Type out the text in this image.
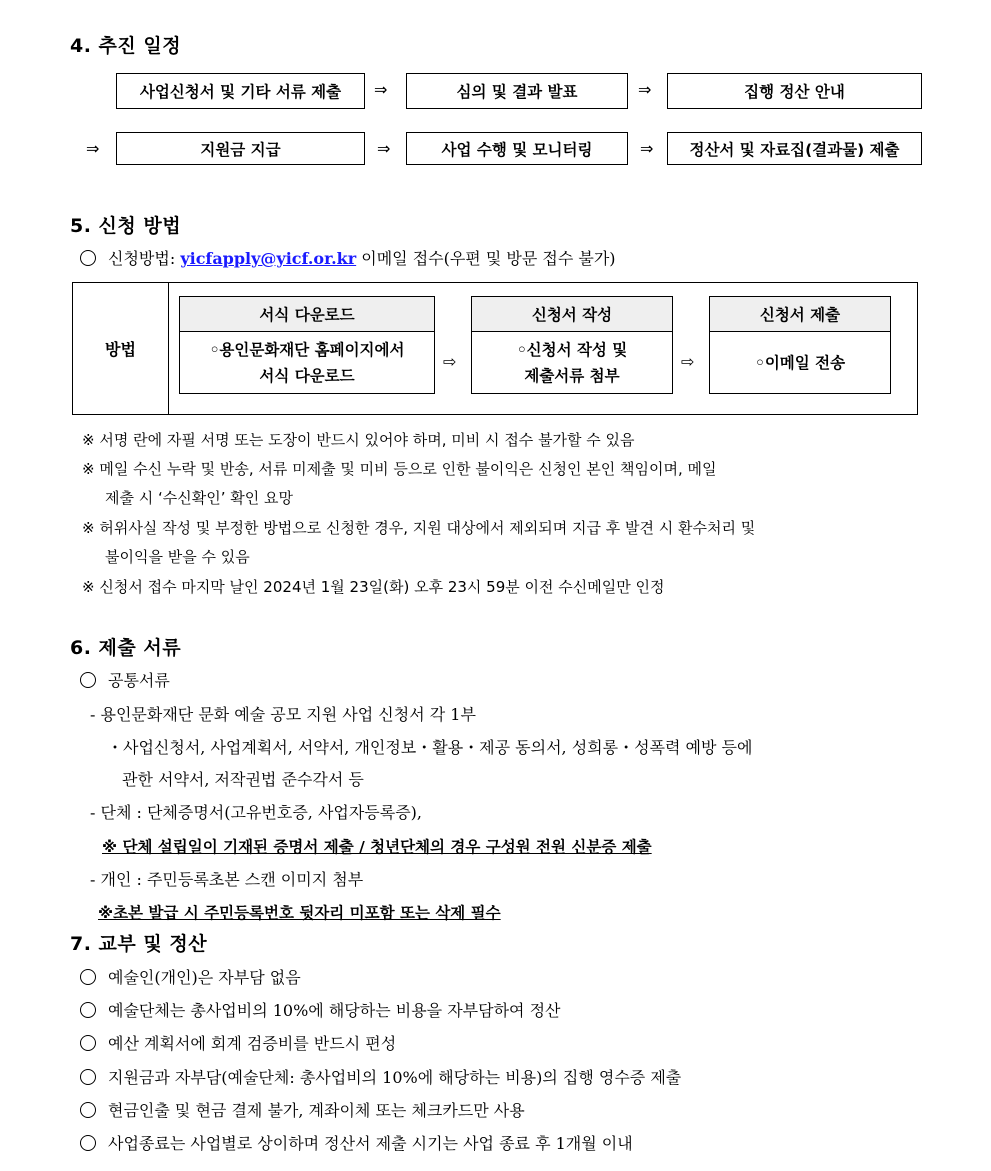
4. 추진 일정
사업신청서 및 기타 서류 제출	⇒	심의 및 결과 발표	⇒	집행 정산 안내
⇒	지원금 지급	⇒	사업 수행 및 모니터링	⇒	정산서 및 자료집(결과물) 제출
5. 신청 방법
신청방법: yicfapply@yicf.or.kr 이메일 접수(우편 및 방문 접수 불가)
방법
서식 다운로드
◦용인문화재단 홈페이지에서
서식 다운로드
⇨
신청서 작성
◦신청서 작성 및
제출서류 첨부
⇨
신청서 제출
◦이메일 전송
※ 서명 란에 자필 서명 또는 도장이 반드시 있어야 하며, 미비 시 접수 불가할 수 있음
※ 메일 수신 누락 및 반송, 서류 미제출 및 미비 등으로 인한 불이익은 신청인 본인 책임이며, 메일
제출 시 ‘수신확인’ 확인 요망
※ 허위사실 작성 및 부정한 방법으로 신청한 경우, 지원 대상에서 제외되며 지급 후 발견 시 환수처리 및
불이익을 받을 수 있음
※ 신청서 접수 마지막 날인 2024년 1월 23일(화) 오후 23시 59분 이전 수신메일만 인정
6. 제출 서류
공통서류
- 용인문화재단 문화 예술 공모 지원 사업 신청서 각 1부
・사업신청서, 사업계획서, 서약서, 개인정보・활용・제공 동의서, 성희롱・성폭력 예방 등에
관한 서약서, 저작권법 준수각서 등
- 단체 : 단체증명서(고유번호증, 사업자등록증),
※ 단체 설립일이 기재된 증명서 제출 / 청년단체의 경우 구성원 전원 신분증 제출
- 개인 : 주민등록초본 스캔 이미지 첨부
※초본 발급 시 주민등록번호 뒷자리 미포함 또는 삭제 필수
7. 교부 및 정산
예술인(개인)은 자부담 없음
예술단체는 총사업비의 10%에 해당하는 비용을 자부담하여 정산
예산 계획서에 회계 검증비를 반드시 편성
지원금과 자부담(예술단체: 총사업비의 10%에 해당하는 비용)의 집행 영수증 제출
현금인출 및 현금 결제 불가, 계좌이체 또는 체크카드만 사용
사업종료는 사업별로 상이하며 정산서 제출 시기는 사업 종료 후 1개월 이내
